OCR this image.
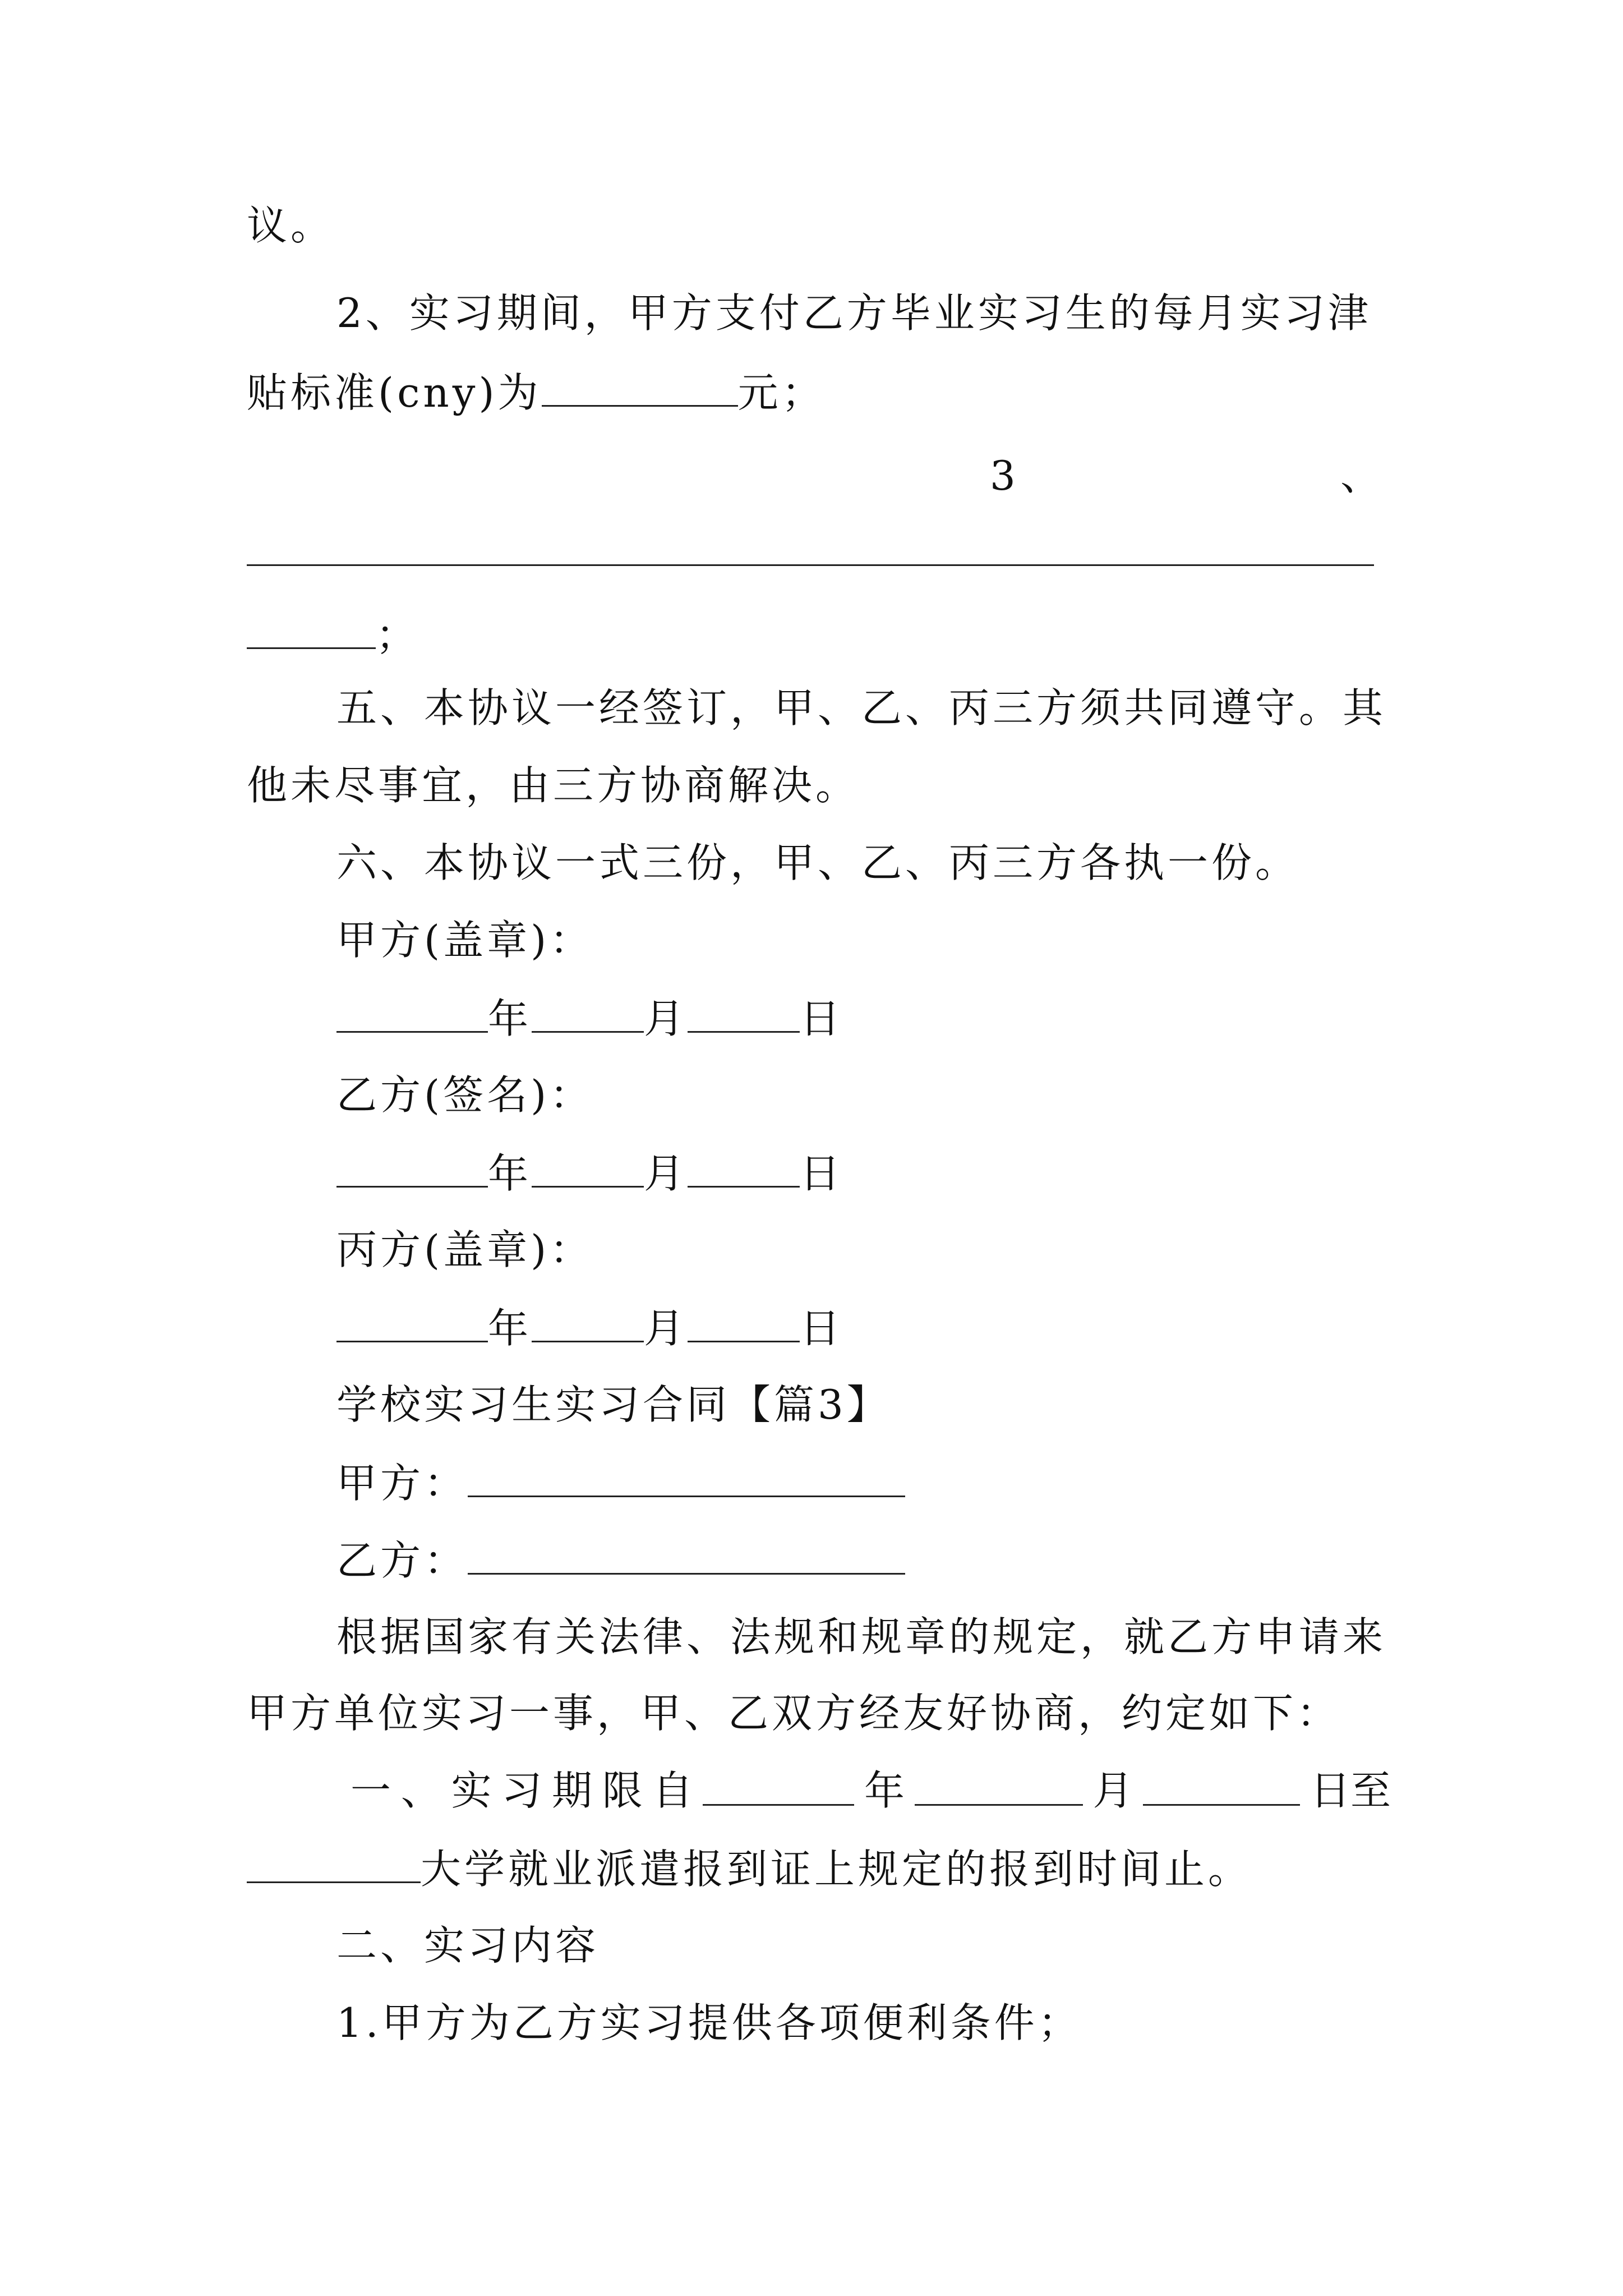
议。
2、实习期间，甲方支付乙方毕业实习生的每月实习津
贴标准(cny)为	元；
3	、
；
五、本协议一经签订，甲、乙、丙三方须共同遵守。其
他未尽事宜，由三方协商解决。
六、本协议一式三份，甲、乙、丙三方各执一份。
甲方(盖章)：
年	月	日
乙方(签名)：
年	月	日
丙方(盖章)：
年	月	日
学校实习生实习合同【篇3】
甲方：
乙方：
根据国家有关法律、法规和规章的规定，就乙方申请来
甲方单位实习一事，甲、乙双方经友好协商，约定如下：
一 、 实 习 期 限 自	年	月	日至
大学就业派遣报到证上规定的报到时间止。
二、实习内容
1.甲方为乙方实习提供各项便利条件；
